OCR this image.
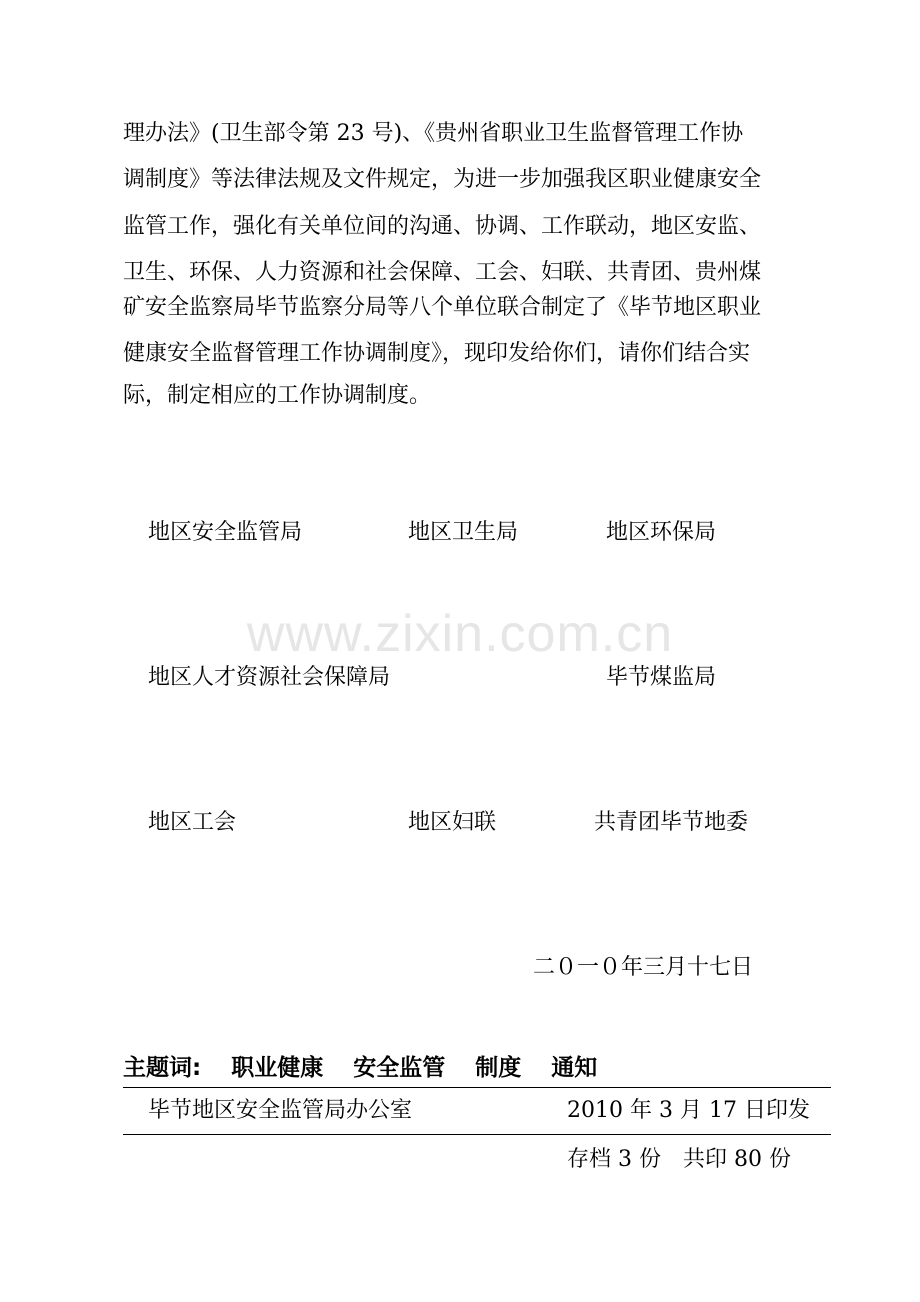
理办法》(卫生部令第 23 号)、《贵州省职业卫生监督管理工作协
调制度》等法律法规及文件规定，为进一步加强我区职业健康安全
监管工作，强化有关单位间的沟通、协调、工作联动，地区安监、
卫生、环保、人力资源和社会保障、工会、妇联、共青团、贵州煤
矿安全监察局毕节监察分局等八个单位联合制定了《毕节地区职业
健康安全监督管理工作协调制度》，现印发给你们，请你们结合实
际，制定相应的工作协调制度。
地区安全监管局	地区卫生局	地区环保局
www.zixin.com.cn
地区人才资源社会保障局	毕节煤监局
地区工会	地区妇联	共青团毕节地委
二０一０年三月十七日
主题词: 职业健康 安全监管 制度 通知
毕节地区安全监管局办公室	2010 年 3 月 17 日印发
存档 3 份　共印 80 份
